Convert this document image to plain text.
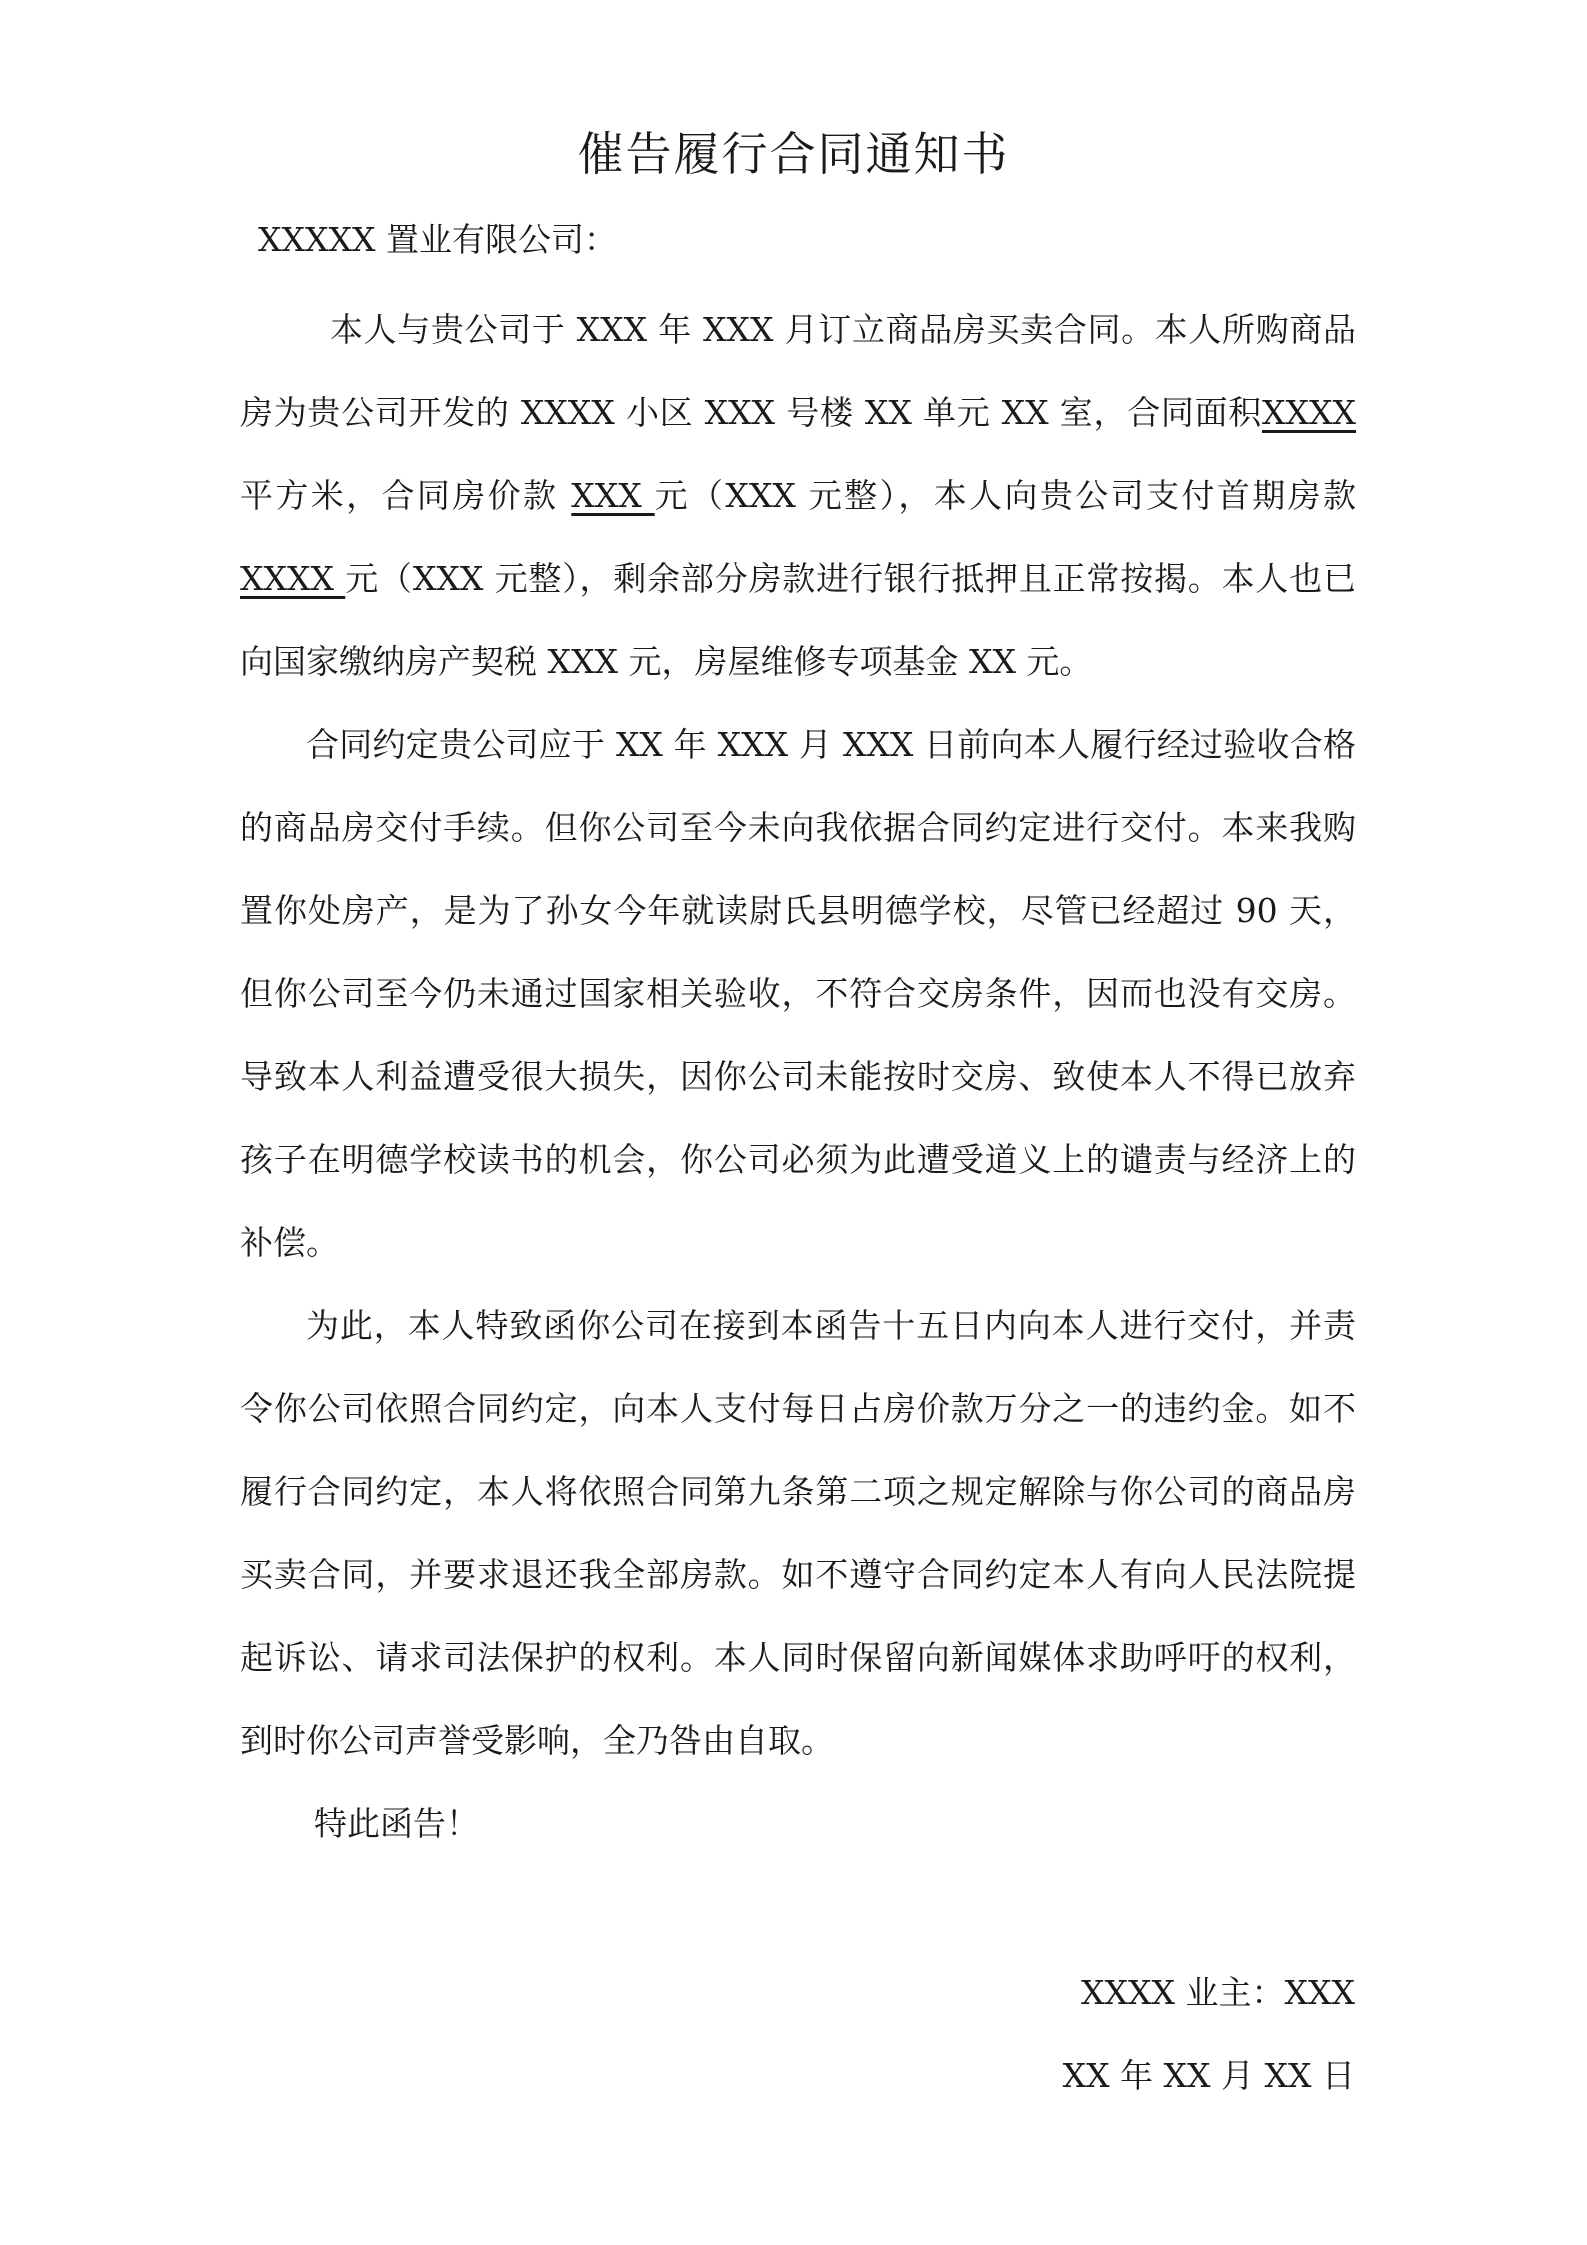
催告履行合同通知书
XXXXX 置业有限公司：

本人与贵公司于 XXX 年 XXX 月订立商品房买卖合同。本人所购商品房为贵公司开发的 XXXX 小区 XXX 号楼 XX 单元 XX 室，合同面积XXXX 平方米，合同房价款 XXX 元（XXX 元整），本人向贵公司支付首期房款 XXXX 元（XXX 元整），剩余部分房款进行银行抵押且正常按揭。本人也已向国家缴纳房产契税 XXX 元，房屋维修专项基金 XX 元。

合同约定贵公司应于 XX 年 XXX 月 XXX 日前向本人履行经过验收合格的商品房交付手续。但你公司至今未向我依据合同约定进行交付。本来我购置你处房产，是为了孙女今年就读尉氏县明德学校，尽管已经超过 90 天，但你公司至今仍未通过国家相关验收，不符合交房条件，因而也没有交房。导致本人利益遭受很大损失，因你公司未能按时交房、致使本人不得已放弃孩子在明德学校读书的机会，你公司必须为此遭受道义上的谴责与经济上的补偿。

为此，本人特致函你公司在接到本函告十五日内向本人进行交付，并责令你公司依照合同约定，向本人支付每日占房价款万分之一的违约金。如不履行合同约定，本人将依照合同第九条第二项之规定解除与你公司的商品房买卖合同，并要求退还我全部房款。如不遵守合同约定本人有向人民法院提起诉讼、请求司法保护的权利。本人同时保留向新闻媒体求助呼吁的权利，到时你公司声誉受影响，全乃咎由自取。

特此函告！

XXXX 业主：XXX
XX 年 XX 月 XX 日
